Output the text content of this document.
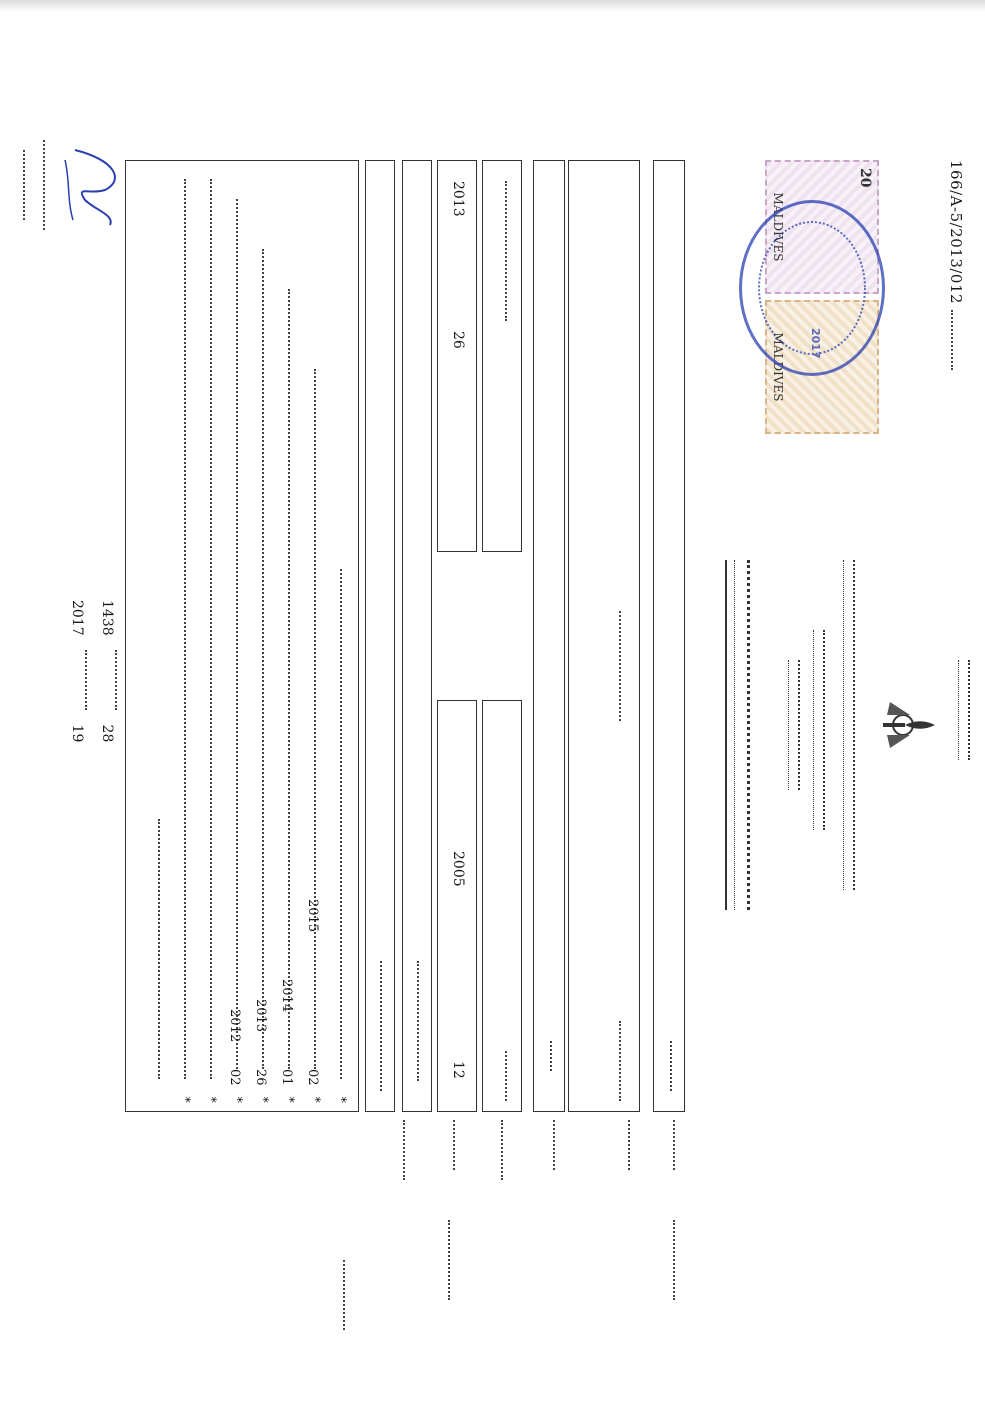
166/A-5/2013/012
20
MALDIVES
MALDIVES 2017
2005
12
2013
26
*
2015
02
*
2014
01
*
2013
26
*
2012
02
*
*
*
1438  28
2017  19
